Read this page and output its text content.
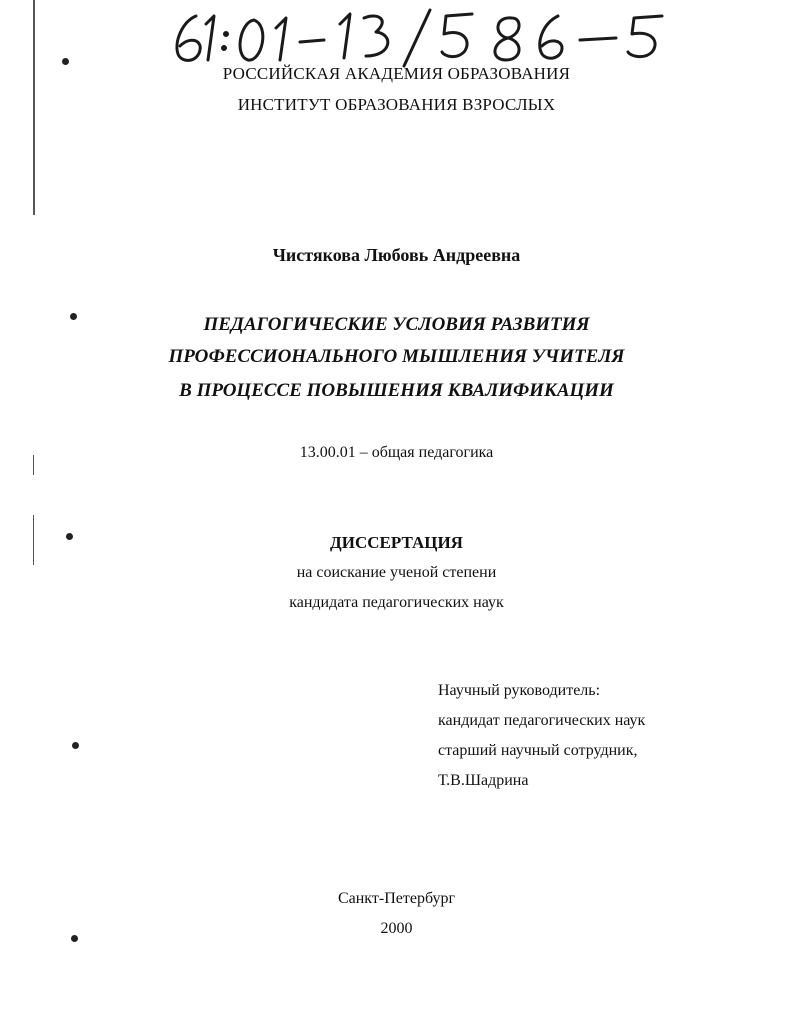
РОССИЙСКАЯ АКАДЕМИЯ ОБРАЗОВАНИЯ
ИНСТИТУТ ОБРАЗОВАНИЯ ВЗРОСЛЫХ
Чистякова Любовь Андреевна
ПЕДАГОГИЧЕСКИЕ УСЛОВИЯ РАЗВИТИЯ
ПРОФЕССИОНАЛЬНОГО МЫШЛЕНИЯ УЧИТЕЛЯ
В ПРОЦЕССЕ ПОВЫШЕНИЯ КВАЛИФИКАЦИИ
13.00.01 – общая педагогика
ДИССЕРТАЦИЯ
на соискание ученой степени
кандидата педагогических наук
Научный руководитель:
кандидат педагогических наук
старший научный сотрудник,
Т.В.Шадрина
Санкт-Петербург
2000
